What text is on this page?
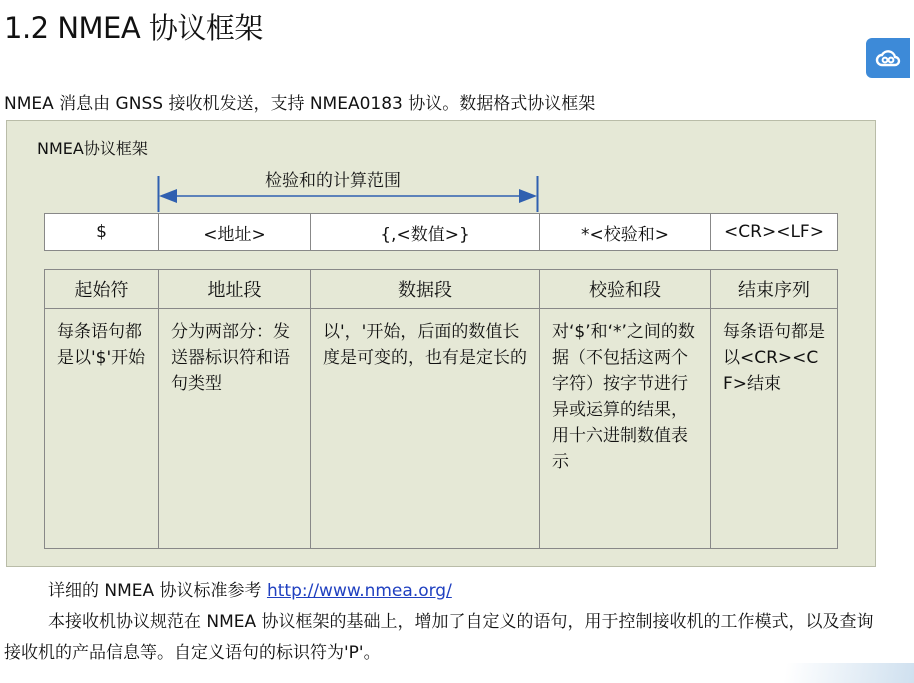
1.2 NMEA 协议框架

NMEA 消息由 GNSS 接收机发送，支持 NMEA0183 协议。数据格式协议框架

NMEA协议框架
检验和的计算范围
$	<地址>	{,<数值>}	*<校验和>	<CR><LF>
起始符	地址段	数据段	校验和段	结束序列
每条语句都是以'$'开始	分为两部分：发送器标识符和语句类型	以'，'开始，后面的数值长度是可变的，也有是定长的	对‘$’和‘*’之间的数据（不包括这两个字符）按字节进行异或运算的结果，用十六进制数值表示	每条语句都是以<CR><CF>结束

详细的 NMEA 协议标准参考 http://www.nmea.org/

本接收机协议规范在 NMEA 协议框架的基础上，增加了自定义的语句，用于控制接收机的工作模式，以及查询接收机的产品信息等。自定义语句的标识符为'P'。
